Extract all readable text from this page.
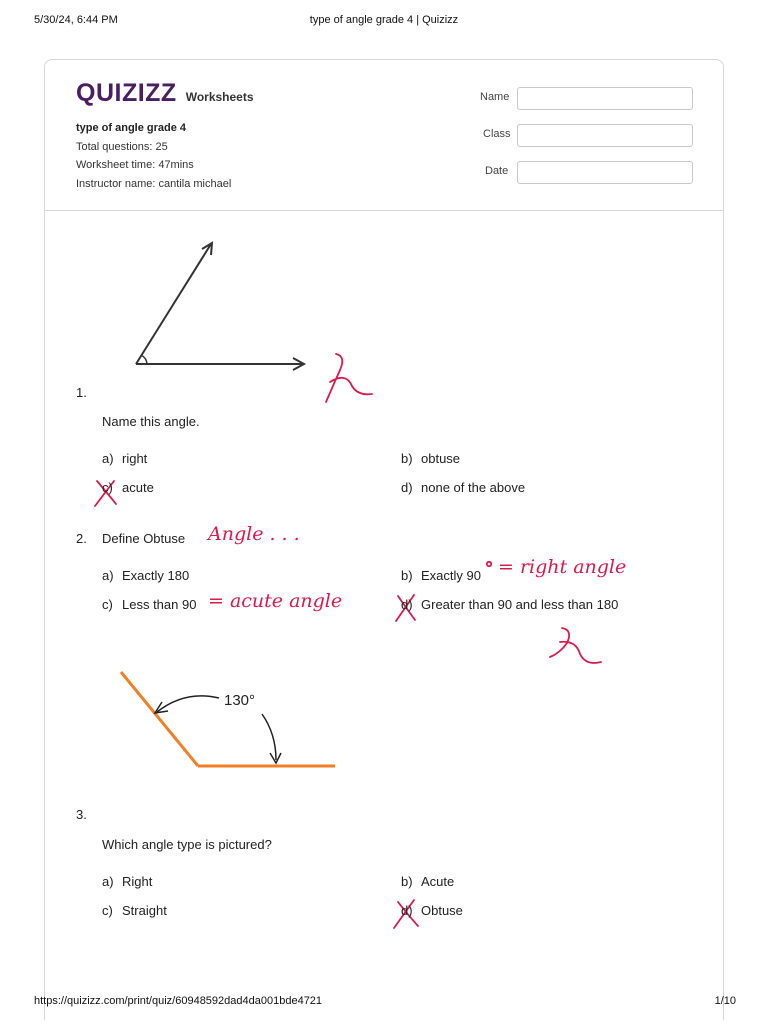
5/30/24, 6:44 PM	type of angle grade 4 | Quizizz
QUIZIZZ Worksheets
type of angle grade 4
Total questions: 25
Worksheet time: 47mins
Instructor name: cantila michael
Name
Class
Date
1.
Name this angle.
a) right	b) obtuse
c) acute	d) none of the above
2. Define Obtuse Angle . . .
a) Exactly 180	b) Exactly 90 = right angle
c) Less than 90 = acute angle	d) Greater than 90 and less than 180
130°
3.
Which angle type is pictured?
a) Right	b) Acute
c) Straight	d) Obtuse
https://quizizz.com/print/quiz/60948592dad4da001bde4721	1/10
